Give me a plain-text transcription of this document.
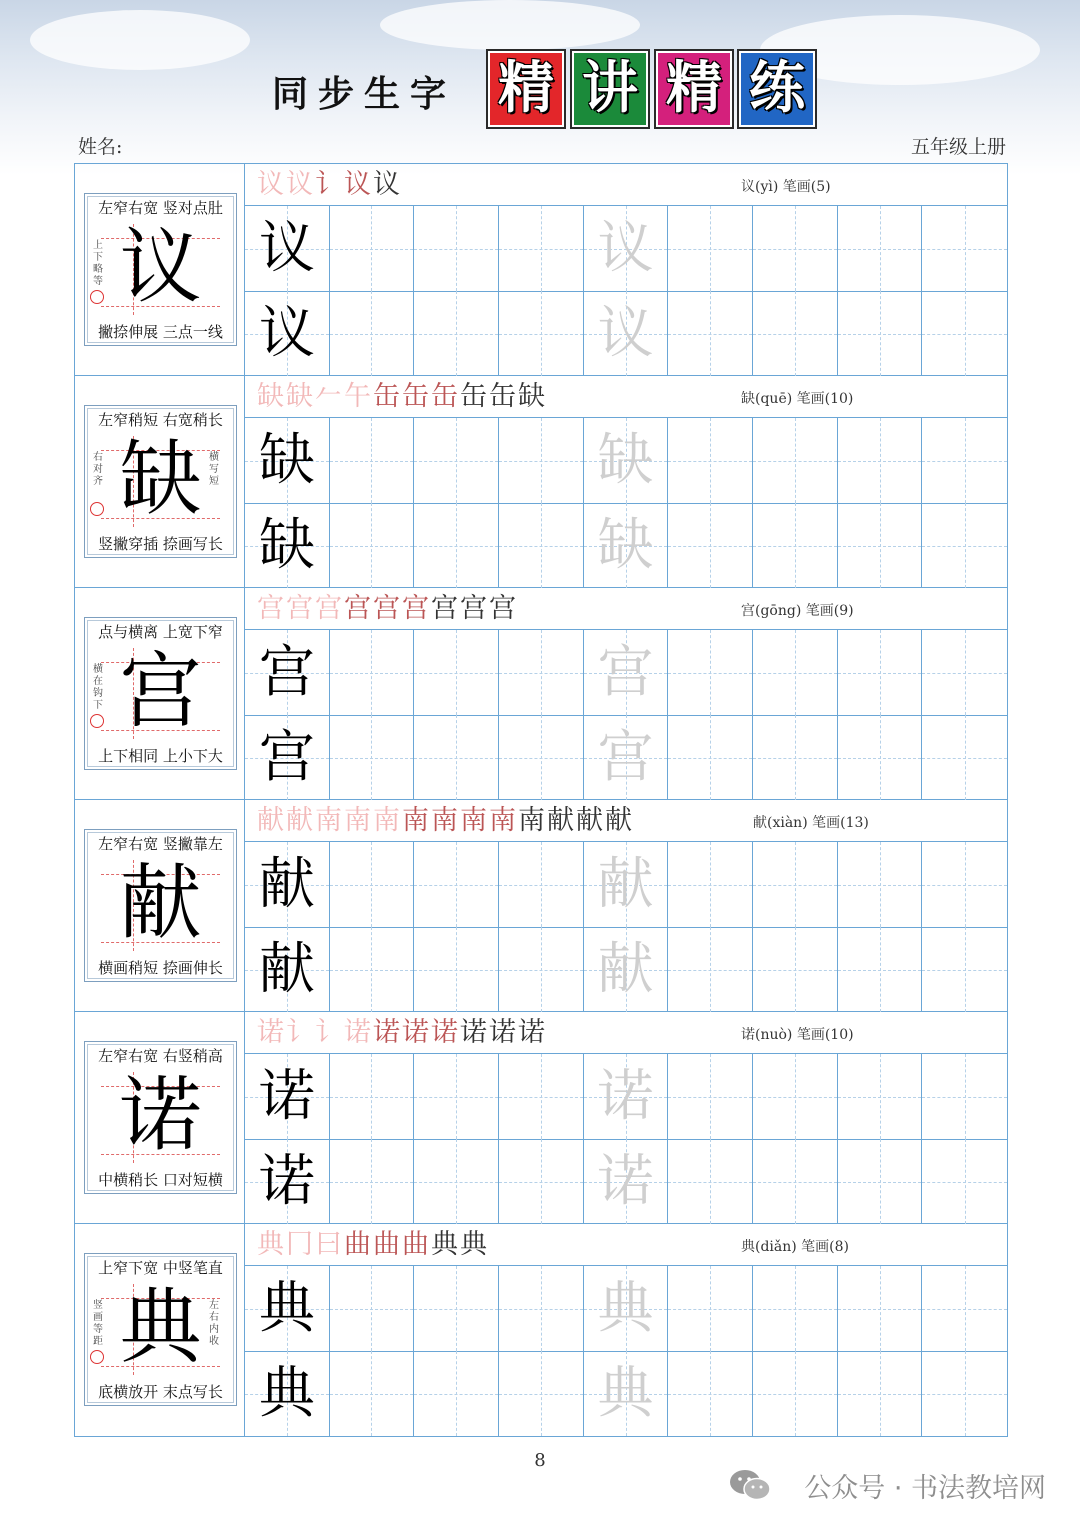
同步生字 精 讲 精 练
姓名:	五年级上册
左窄右宽 竖对点肚
议
上下略等
撇捺伸展 三点一线
议议讠议议	议(yì) 笔画(5)
议	议
议	议
左窄稍短 右宽稍长
缺
右对齐
横写短
竖撇穿插 捺画写长
缺缺𠂉午缶缶缶缶缶缺	缺(quē) 笔画(10)
缺	缺
缺	缺
点与横离 上宽下窄
宫
横在钩下
上下相同 上小下大
宫宫宫宫宫宫宫宫宫	宫(gōng) 笔画(9)
宫	宫
宫	宫
左窄右宽 竖撇靠左
献
横画稍短 捺画伸长
献献南南南南南南南南献献献	献(xiàn) 笔画(13)
献	献
献	献
左窄右宽 右竖稍高
诺
中横稍长 口对短横
诺讠讠诺诺诺诺诺诺诺	诺(nuò) 笔画(10)
诺	诺
诺	诺
上窄下宽 中竖笔直
典
竖画等距
左右内收
底横放开 末点写长
典冂曰曲曲曲典典	典(diǎn) 笔画(8)
典	典
典	典
8
公众号 · 书法教培网
